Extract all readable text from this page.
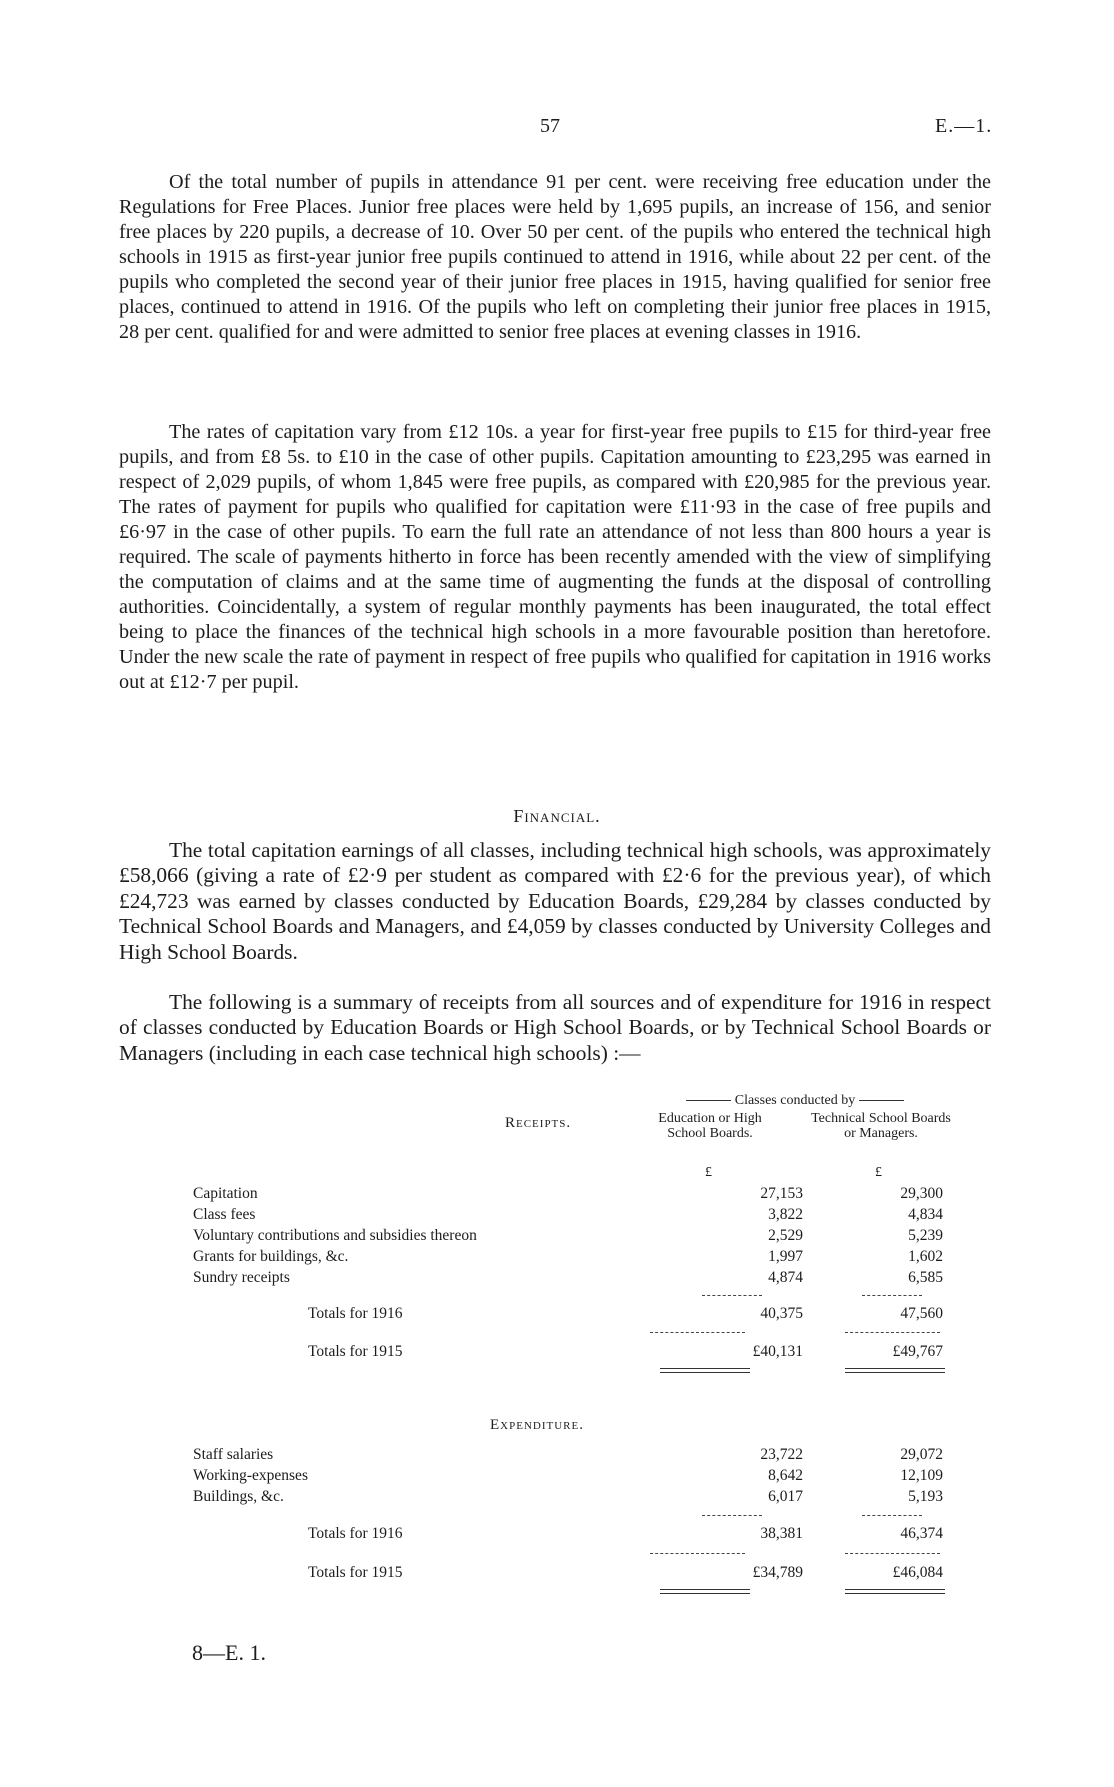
57	E.—1.

Of the total number of pupils in attendance 91 per cent. were receiving free education under the Regulations for Free Places. Junior free places were held by 1,695 pupils, an increase of 156, and senior free places by 220 pupils, a decrease of 10. Over 50 per cent. of the pupils who entered the technical high schools in 1915 as first-year junior free pupils continued to attend in 1916, while about 22 per cent. of the pupils who completed the second year of their junior free places in 1915, having qualified for senior free places, continued to attend in 1916. Of the pupils who left on completing their junior free places in 1915, 28 per cent. qualified for and were admitted to senior free places at evening classes in 1916.

The rates of capitation vary from £12 10s. a year for first-year free pupils to £15 for third-year free pupils, and from £8 5s. to £10 in the case of other pupils. Capitation amounting to £23,295 was earned in respect of 2,029 pupils, of whom 1,845 were free pupils, as compared with £20,985 for the previous year. The rates of payment for pupils who qualified for capitation were £11·93 in the case of free pupils and £6·97 in the case of other pupils. To earn the full rate an attendance of not less than 800 hours a year is required. The scale of payments hitherto in force has been recently amended with the view of simplifying the computation of claims and at the same time of augmenting the funds at the disposal of controlling authorities. Coincidentally, a system of regular monthly payments has been inaugurated, the total effect being to place the finances of the technical high schools in a more favourable position than heretofore. Under the new scale the rate of payment in respect of free pupils who qualified for capitation in 1916 works out at £12·7 per pupil.

Financial.

The total capitation earnings of all classes, including technical high schools, was approximately £58,066 (giving a rate of £2·9 per student as compared with £2·6 for the previous year), of which £24,723 was earned by classes conducted by Education Boards, £29,284 by classes conducted by Technical School Boards and Managers, and £4,059 by classes conducted by University Colleges and High School Boards.

The following is a summary of receipts from all sources and of expenditure for 1916 in respect of classes conducted by Education Boards or High School Boards, or by Technical School Boards or Managers (including in each case technical high schools) :—

Classes conducted by
Education or High School Boards.
Technical School Boards or Managers.
Receipts.
£	£
Capitation	27,153	29,300
Class fees	3,822	4,834
Voluntary contributions and subsidies thereon	2,529	5,239
Grants for buildings, &c.	1,997	1,602
Sundry receipts	4,874	6,585
Totals for 1916	40,375	47,560
Totals for 1915	£40,131	£49,767
Expenditure.
Staff salaries	23,722	29,072
Working-expenses	8,642	12,109
Buildings, &c.	6,017	5,193
Totals for 1916	38,381	46,374
Totals for 1915	£34,789	£46,084
8—E. 1.
